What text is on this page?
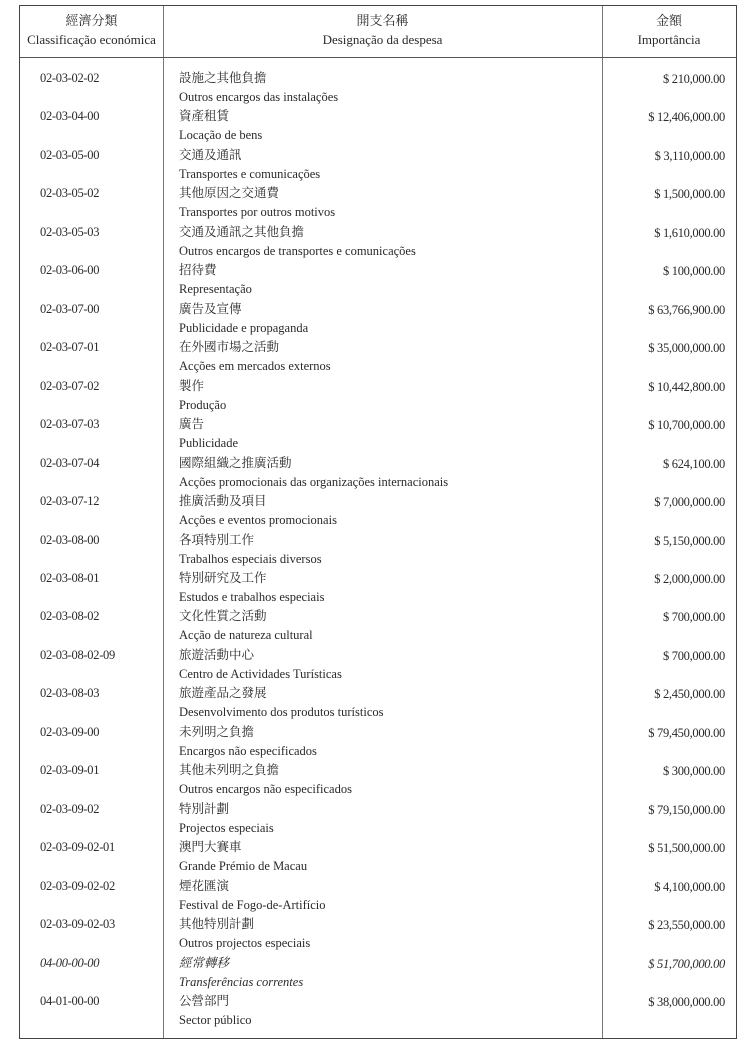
經濟分類
Classificação económica
開支名稱
Designação da despesa
金額
Importância
02-03-02-02	設施之其他負擔
Outros encargos das instalações
$ 210,000.00
02-03-04-00	資產租賃
Locação de bens
$ 12,406,000.00
02-03-05-00	交通及通訊
Transportes e comunicações
$ 3,110,000.00
02-03-05-02	其他原因之交通費
Transportes por outros motivos
$ 1,500,000.00
02-03-05-03	交通及通訊之其他負擔
Outros encargos de transportes e comunicações
$ 1,610,000.00
02-03-06-00	招待費
Representação
$ 100,000.00
02-03-07-00	廣告及宣傳
Publicidade e propaganda
$ 63,766,900.00
02-03-07-01	在外國市場之活動
Acções em mercados externos
$ 35,000,000.00
02-03-07-02	製作
Produção
$ 10,442,800.00
02-03-07-03	廣告
Publicidade
$ 10,700,000.00
02-03-07-04	國際組織之推廣活動
Acções promocionais das organizações internacionais
$ 624,100.00
02-03-07-12	推廣活動及項目
Acções e eventos promocionais
$ 7,000,000.00
02-03-08-00	各項特別工作
Trabalhos especiais diversos
$ 5,150,000.00
02-03-08-01	特別研究及工作
Estudos e trabalhos especiais
$ 2,000,000.00
02-03-08-02	文化性質之活動
Acção de natureza cultural
$ 700,000.00
02-03-08-02-09	旅遊活動中心
Centro de Actividades Turísticas
$ 700,000.00
02-03-08-03	旅遊產品之發展
Desenvolvimento dos produtos turísticos
$ 2,450,000.00
02-03-09-00	未列明之負擔
Encargos não especificados
$ 79,450,000.00
02-03-09-01	其他未列明之負擔
Outros encargos não especificados
$ 300,000.00
02-03-09-02	特別計劃
Projectos especiais
$ 79,150,000.00
02-03-09-02-01	澳門大賽車
Grande Prémio de Macau
$ 51,500,000.00
02-03-09-02-02	煙花匯演
Festival de Fogo-de-Artifício
$ 4,100,000.00
02-03-09-02-03	其他特別計劃
Outros projectos especiais
$ 23,550,000.00
04-00-00-00	經常轉移
Transferências correntes
$ 51,700,000.00
04-01-00-00	公營部門
Sector público
$ 38,000,000.00
